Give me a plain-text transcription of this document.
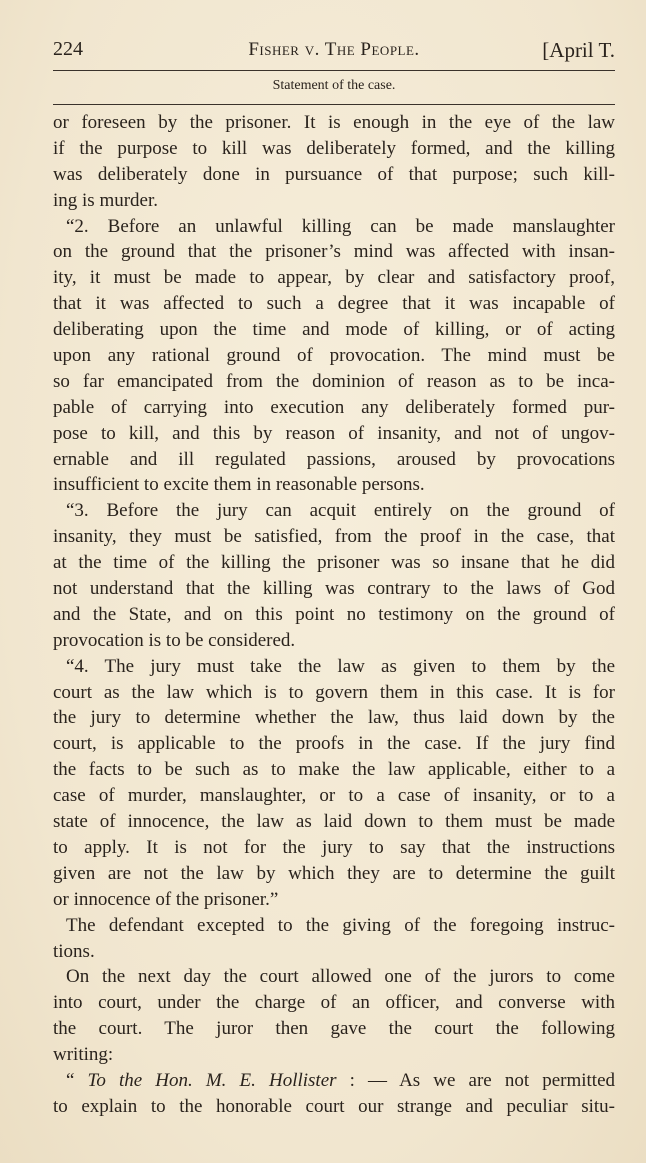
224	Fisher v. The People.	[April T.
Statement of the case.
or foreseen by the prisoner. It is enough in the eye of the law
if the purpose to kill was deliberately formed, and the killing
was deliberately done in pursuance of that purpose; such kill-
ing is murder.
“2. Before an unlawful killing can be made manslaughter
on the ground that the prisoner’s mind was affected with insan-
ity, it must be made to appear, by clear and satisfactory proof,
that it was affected to such a degree that it was incapable of
deliberating upon the time and mode of killing, or of acting
upon any rational ground of provocation. The mind must be
so far emancipated from the dominion of reason as to be inca-
pable of carrying into execution any deliberately formed pur-
pose to kill, and this by reason of insanity, and not of ungov-
ernable and ill regulated passions, aroused by provocations
insufficient to excite them in reasonable persons.
“3. Before the jury can acquit entirely on the ground of
insanity, they must be satisfied, from the proof in the case, that
at the time of the killing the prisoner was so insane that he did
not understand that the killing was contrary to the laws of God
and the State, and on this point no testimony on the ground of
provocation is to be considered.
“4. The jury must take the law as given to them by the
court as the law which is to govern them in this case. It is for
the jury to determine whether the law, thus laid down by the
court, is applicable to the proofs in the case. If the jury find
the facts to be such as to make the law applicable, either to a
case of murder, manslaughter, or to a case of insanity, or to a
state of innocence, the law as laid down to them must be made
to apply. It is not for the jury to say that the instructions
given are not the law by which they are to determine the guilt
or innocence of the prisoner.”
The defendant excepted to the giving of the foregoing instruc-
tions.
On the next day the court allowed one of the jurors to come
into court, under the charge of an officer, and converse with
the court. The juror then gave the court the following
writing:
“ To the Hon. M. E. Hollister : — As we are not permitted
to explain to the honorable court our strange and peculiar situ-
